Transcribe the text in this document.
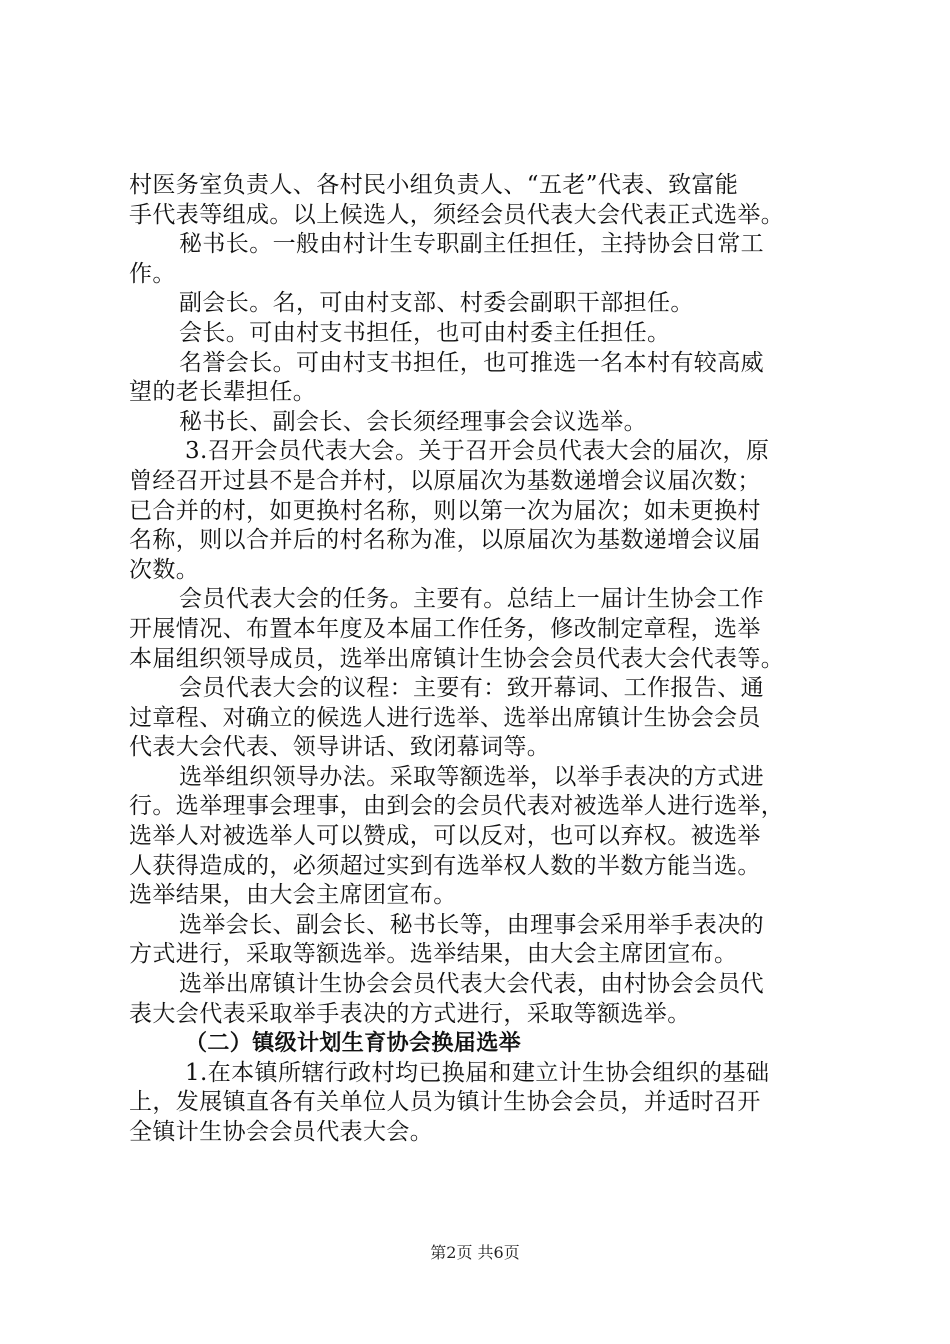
村医务室负责人、各村民小组负责人、“五老”代表、致富能
手代表等组成。以上候选人，须经会员代表大会代表正式选举。
秘书长。一般由村计生专职副主任担任，主持协会日常工
作。
副会长。名，可由村支部、村委会副职干部担任。
会长。可由村支书担任，也可由村委主任担任。
名誉会长。可由村支书担任，也可推选一名本村有较高威
望的老长辈担任。
秘书长、副会长、会长须经理事会会议选举。
3.召开会员代表大会。关于召开会员代表大会的届次，原
曾经召开过县不是合并村，以原届次为基数递增会议届次数；
已合并的村，如更换村名称，则以第一次为届次；如未更换村
名称，则以合并后的村名称为准，以原届次为基数递增会议届
次数。
会员代表大会的任务。主要有。总结上一届计生协会工作
开展情况、布置本年度及本届工作任务，修改制定章程，选举
本届组织领导成员，选举出席镇计生协会会员代表大会代表等。
会员代表大会的议程：主要有：致开幕词、工作报告、通
过章程、对确立的候选人进行选举、选举出席镇计生协会会员
代表大会代表、领导讲话、致闭幕词等。
选举组织领导办法。采取等额选举，以举手表决的方式进
行。选举理事会理事，由到会的会员代表对被选举人进行选举，
选举人对被选举人可以赞成，可以反对，也可以弃权。被选举
人获得造成的，必须超过实到有选举权人数的半数方能当选。
选举结果，由大会主席团宣布。
选举会长、副会长、秘书长等，由理事会采用举手表决的
方式进行，采取等额选举。选举结果，由大会主席团宣布。
选举出席镇计生协会会员代表大会代表，由村协会会员代
表大会代表采取举手表决的方式进行，采取等额选举。
（二）镇级计划生育协会换届选举
1.在本镇所辖行政村均已换届和建立计生协会组织的基础
上，发展镇直各有关单位人员为镇计生协会会员，并适时召开
全镇计生协会会员代表大会。
第2页 共6页
